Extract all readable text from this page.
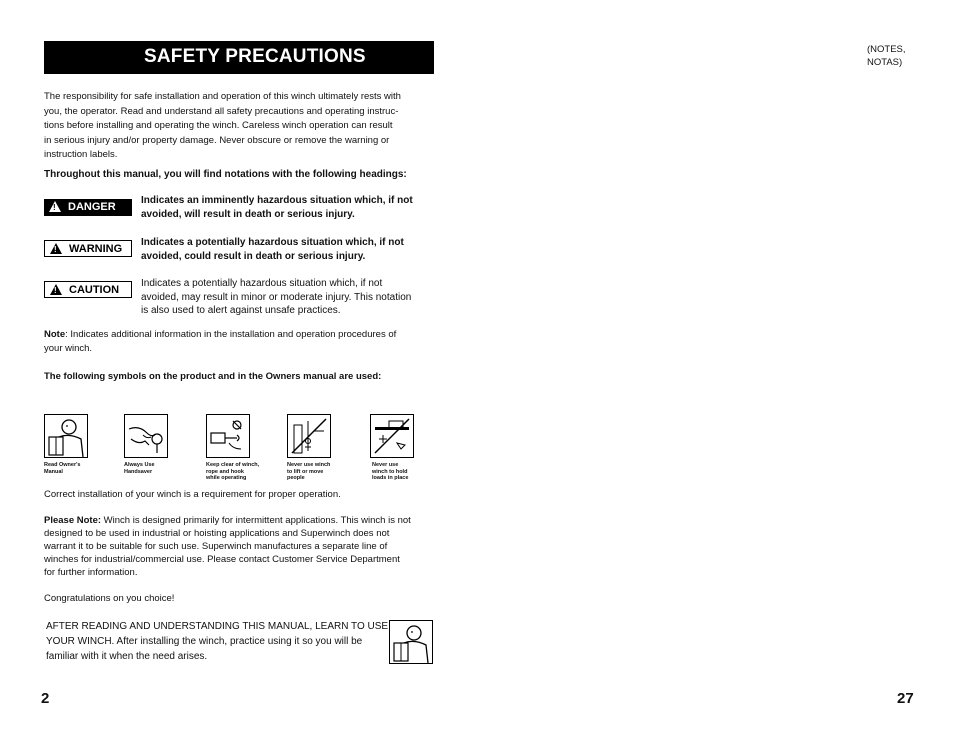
SAFETY PRECAUTIONS	(NOTES,
NOTAS)
The responsibility for safe installation and operation of this winch ultimately rests with
you, the operator. Read and understand all safety precautions and operating instruc-
tions before installing and operating the winch. Careless winch operation can result
in serious injury and/or property damage. Never obscure or remove the warning or
instruction labels.
Throughout this manual, you will find notations with the following headings:
!
DANGER
Indicates an imminently hazardous situation which, if not
avoided, will result in death or serious injury.
!
WARNING
Indicates a potentially hazardous situation which, if not
avoided, could result in death or serious injury.
!
CAUTION
Indicates a potentially hazardous situation which, if not
avoided, may result in minor or moderate injury. This notation
is also used to alert against unsafe practices.
Note: Indicates additional information in the installation and operation procedures of
your winch.
The following symbols on the product and in the Owners manual are used:
Read Owner's
Manual
Always Use
Handsaver
Keep clear of winch,
rope and hook
while operating
Never use winch
to lift or move
people
Never use
winch to hold
loads in place
Correct installation of your winch is a requirement for proper operation.
Please Note: Winch is designed primarily for intermittent applications. This winch is not
designed to be used in industrial or hoisting applications and Superwinch does not
warrant it to be suitable for such use. Superwinch manufactures a separate line of
winches for industrial/commercial use. Please contact Customer Service Department
for further information.
Congratulations on you choice!
AFTER READING AND UNDERSTANDING THIS MANUAL, LEARN TO USE
YOUR WINCH. After installing the winch, practice using it so you will be
familiar with it when the need arises.
2	27
